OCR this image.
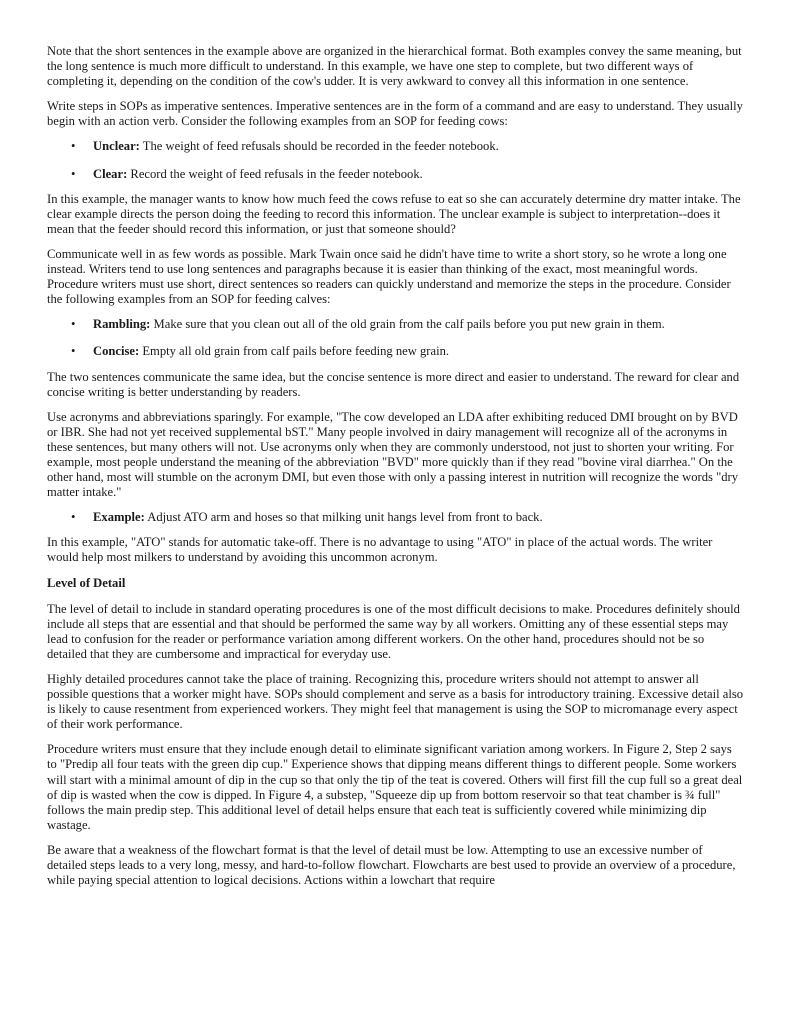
Note that the short sentences in the example above are organized in the hierarchical format. Both examples convey the same meaning, but the long sentence is much more difficult to understand. In this example, we have one step to complete, but two different ways of completing it, depending on the condition of the cow's udder. It is very awkward to convey all this information in one sentence.

Write steps in SOPs as imperative sentences. Imperative sentences are in the form of a command and are easy to understand. They usually begin with an action verb. Consider the following examples from an SOP for feeding cows:

• Unclear: The weight of feed refusals should be recorded in the feeder notebook.
• Clear: Record the weight of feed refusals in the feeder notebook.

In this example, the manager wants to know how much feed the cows refuse to eat so she can accurately determine dry matter intake. The clear example directs the person doing the feeding to record this information. The unclear example is subject to interpretation--does it mean that the feeder should record this information, or just that someone should?

Communicate well in as few words as possible. Mark Twain once said he didn't have time to write a short story, so he wrote a long one instead. Writers tend to use long sentences and paragraphs because it is easier than thinking of the exact, most meaningful words. Procedure writers must use short, direct sentences so readers can quickly understand and memorize the steps in the procedure. Consider the following examples from an SOP for feeding calves:

• Rambling: Make sure that you clean out all of the old grain from the calf pails before you put new grain in them.
• Concise: Empty all old grain from calf pails before feeding new grain.

The two sentences communicate the same idea, but the concise sentence is more direct and easier to understand. The reward for clear and concise writing is better understanding by readers.

Use acronyms and abbreviations sparingly. For example, "The cow developed an LDA after exhibiting reduced DMI brought on by BVD or IBR. She had not yet received supplemental bST." Many people involved in dairy management will recognize all of the acronyms in these sentences, but many others will not. Use acronyms only when they are commonly understood, not just to shorten your writing. For example, most people understand the meaning of the abbreviation "BVD" more quickly than if they read "bovine viral diarrhea." On the other hand, most will stumble on the acronym DMI, but even those with only a passing interest in nutrition will recognize the words "dry matter intake."

• Example: Adjust ATO arm and hoses so that milking unit hangs level from front to back.

In this example, "ATO" stands for automatic take-off. There is no advantage to using "ATO" in place of the actual words. The writer would help most milkers to understand by avoiding this uncommon acronym.

Level of Detail

The level of detail to include in standard operating procedures is one of the most difficult decisions to make. Procedures definitely should include all steps that are essential and that should be performed the same way by all workers. Omitting any of these essential steps may lead to confusion for the reader or performance variation among different workers. On the other hand, procedures should not be so detailed that they are cumbersome and impractical for everyday use.

Highly detailed procedures cannot take the place of training. Recognizing this, procedure writers should not attempt to answer all possible questions that a worker might have. SOPs should complement and serve as a basis for introductory training. Excessive detail also is likely to cause resentment from experienced workers. They might feel that management is using the SOP to micromanage every aspect of their work performance.

Procedure writers must ensure that they include enough detail to eliminate significant variation among workers. In Figure 2, Step 2 says to "Predip all four teats with the green dip cup." Experience shows that dipping means different things to different people. Some workers will start with a minimal amount of dip in the cup so that only the tip of the teat is covered. Others will first fill the cup full so a great deal of dip is wasted when the cow is dipped. In Figure 4, a substep, "Squeeze dip up from bottom reservoir so that teat chamber is ¾ full" follows the main predip step. This additional level of detail helps ensure that each teat is sufficiently covered while minimizing dip wastage.

Be aware that a weakness of the flowchart format is that the level of detail must be low. Attempting to use an excessive number of detailed steps leads to a very long, messy, and hard-to-follow flowchart. Flowcharts are best used to provide an overview of a procedure, while paying special attention to logical decisions. Actions within a lowchart that require
